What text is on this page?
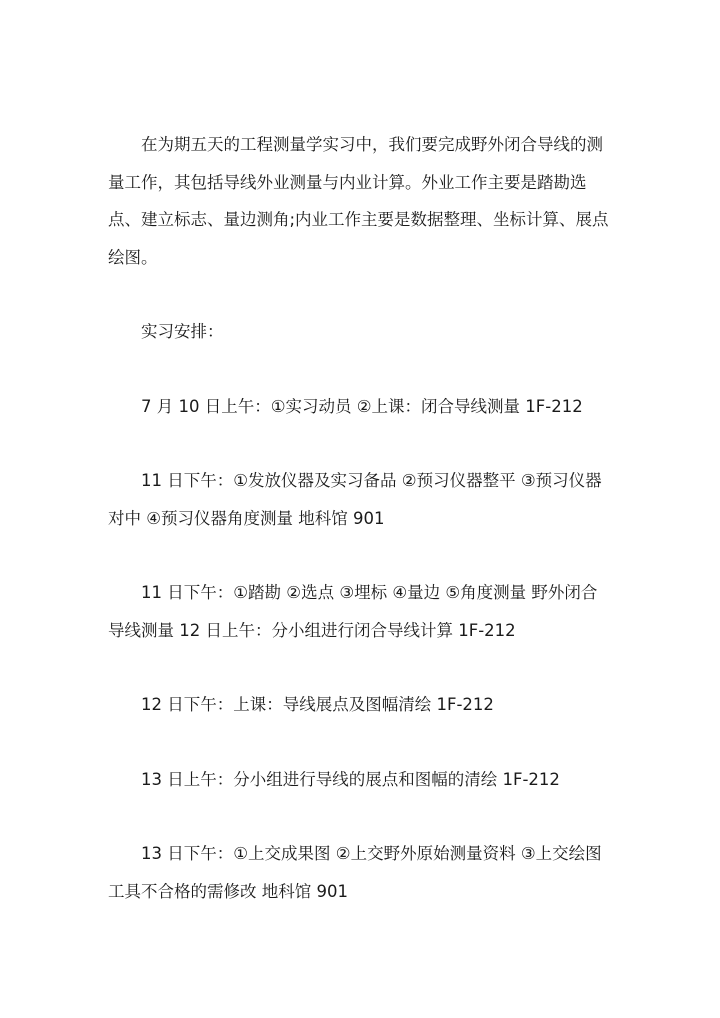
在为期五天的工程测量学实习中，我们要完成野外闭合导线的测量工作，其包括导线外业测量与内业计算。外业工作主要是踏勘选点、建立标志、量边测角;内业工作主要是数据整理、坐标计算、展点绘图。

实习安排：

7 月 10 日上午：①实习动员 ②上课：闭合导线测量 1F-212

11 日下午：①发放仪器及实习备品 ②预习仪器整平 ③预习仪器对中 ④预习仪器角度测量 地科馆 901

11 日下午：①踏勘 ②选点 ③埋标 ④量边 ⑤角度测量 野外闭合导线测量 12 日上午：分小组进行闭合导线计算 1F-212

12 日下午：上课：导线展点及图幅清绘 1F-212

13 日上午：分小组进行导线的展点和图幅的清绘 1F-212

13 日下午：①上交成果图 ②上交野外原始测量资料 ③上交绘图工具不合格的需修改 地科馆 901
